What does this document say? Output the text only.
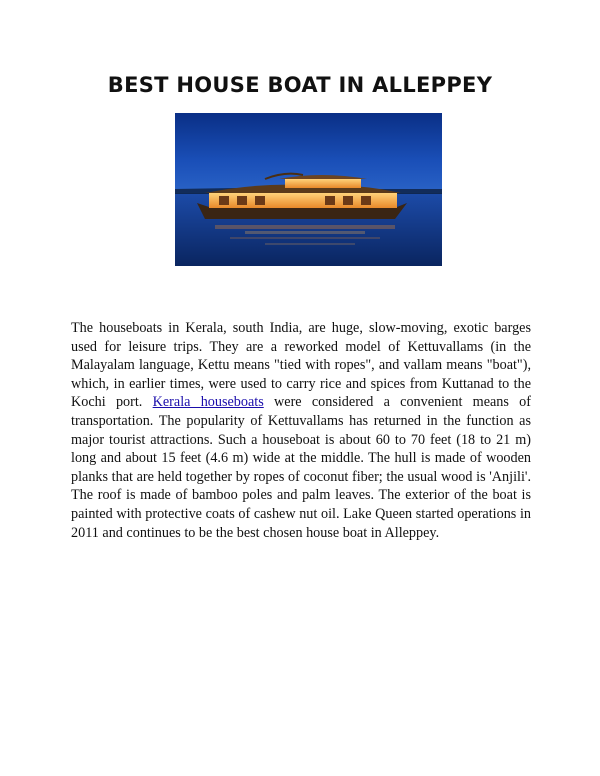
BEST HOUSE BOAT IN ALLEPPEY

The houseboats in Kerala, south India, are huge, slow-moving, exotic barges used for leisure trips. They are a reworked model of Kettuvallams (in the Malayalam language, Kettu means "tied with ropes", and vallam means "boat"), which, in earlier times, were used to carry rice and spices from Kuttanad to the Kochi port. Kerala houseboats were considered a convenient means of transportation. The popularity of Kettuvallams has returned in the function as major tourist attractions. Such a houseboat is about 60 to 70 feet (18 to 21 m) long and about 15 feet (4.6 m) wide at the middle. The hull is made of wooden planks that are held together by ropes of coconut fiber; the usual wood is 'Anjili'. The roof is made of bamboo poles and palm leaves. The exterior of the boat is painted with protective coats of cashew nut oil. Lake Queen started operations in 2011 and continues to be the best chosen house boat in Alleppey.
